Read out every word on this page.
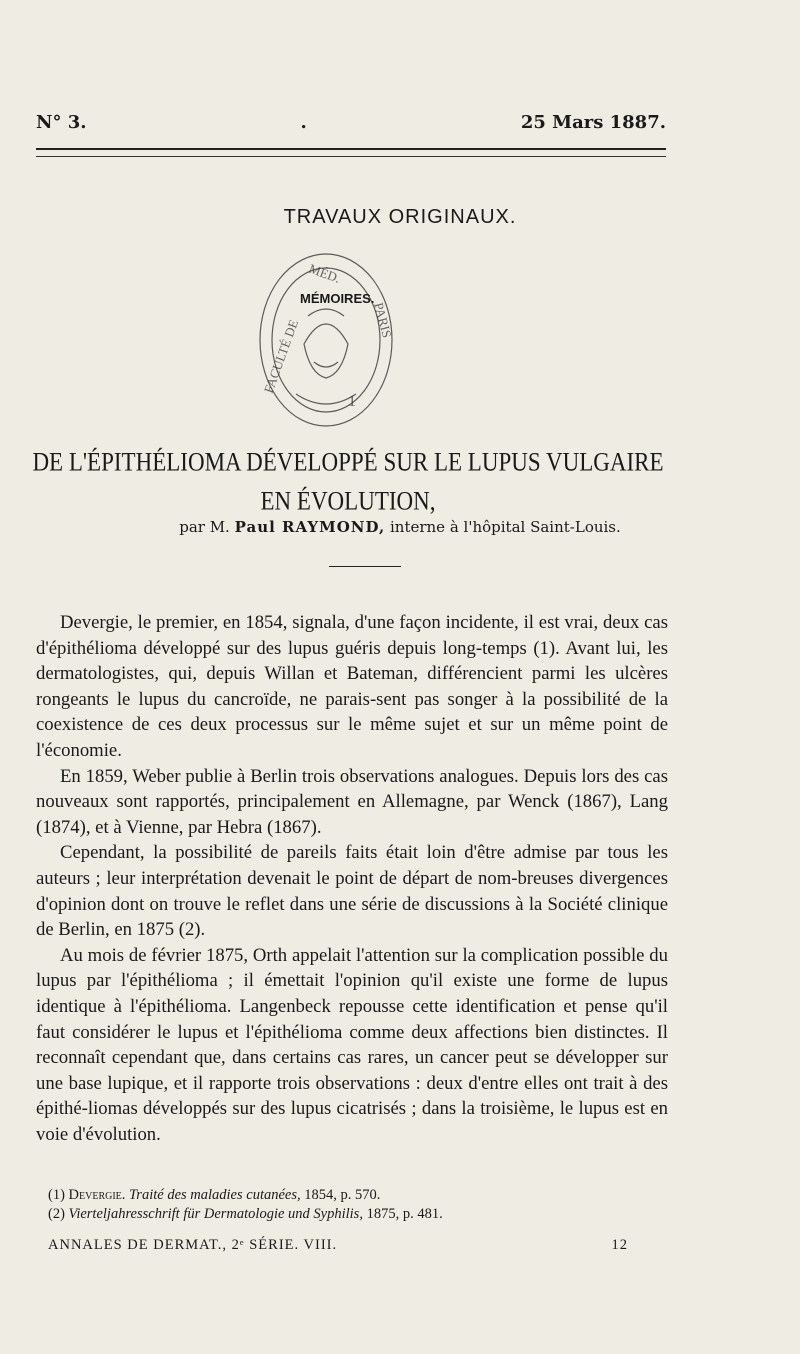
N° 3.	.	25 Mars 1887.
TRAVAUX ORIGINAUX.
FACULTÉ DE
MÉD.
PARIS
1
MÉMOIRES.
DE L'ÉPITHÉLIOMA DÉVELOPPÉ SUR LE LUPUS VULGAIRE
EN ÉVOLUTION,
par M. Paul RAYMOND, interne à l'hôpital Saint-Louis.

Devergie, le premier, en 1854, signala, d'une façon incidente, il est vrai, deux cas d'épithélioma développé sur des lupus guéris depuis long-temps (1). Avant lui, les dermatologistes, qui, depuis Willan et Bateman, différencient parmi les ulcères rongeants le lupus du cancroïde, ne parais-sent pas songer à la possibilité de la coexistence de ces deux processus sur le même sujet et sur un même point de l'économie.

En 1859, Weber publie à Berlin trois observations analogues. Depuis lors des cas nouveaux sont rapportés, principalement en Allemagne, par Wenck (1867), Lang (1874), et à Vienne, par Hebra (1867).

Cependant, la possibilité de pareils faits était loin d'être admise par tous les auteurs ; leur interprétation devenait le point de départ de nom-breuses divergences d'opinion dont on trouve le reflet dans une série de discussions à la Société clinique de Berlin, en 1875 (2).

Au mois de février 1875, Orth appelait l'attention sur la complication possible du lupus par l'épithélioma ; il émettait l'opinion qu'il existe une forme de lupus identique à l'épithélioma. Langenbeck repousse cette identification et pense qu'il faut considérer le lupus et l'épithélioma comme deux affections bien distinctes. Il reconnaît cependant que, dans certains cas rares, un cancer peut se développer sur une base lupique, et il rapporte trois observations : deux d'entre elles ont trait à des épithé-liomas développés sur des lupus cicatrisés ; dans la troisième, le lupus est en voie d'évolution.

(1) Devergie. Traité des maladies cutanées, 1854, p. 570.
(2) Vierteljahresschrift für Dermatologie und Syphilis, 1875, p. 481.
ANNALES DE DERMAT., 2ᵉ SÉRIE. VIII.	12
